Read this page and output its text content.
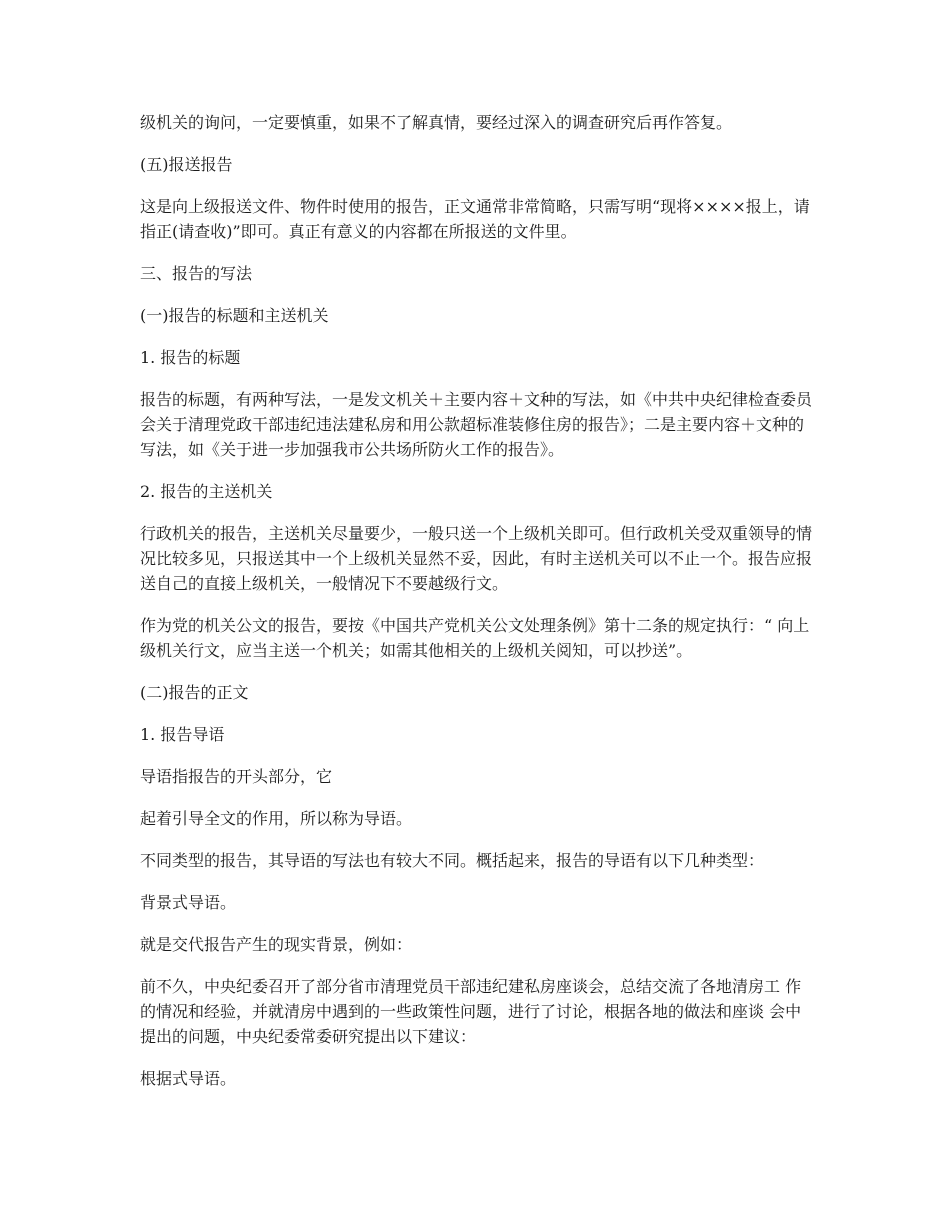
级机关的询问，一定要慎重，如果不了解真情，要经过深入的调查研究后再作答复。

(五)报送报告

这是向上级报送文件、物件时使用的报告，正文通常非常简略，只需写明“现将××××报上，请指正(请查收)”即可。真正有意义的内容都在所报送的文件里。

三、报告的写法

(一)报告的标题和主送机关

1. 报告的标题

报告的标题，有两种写法，一是发文机关＋主要内容＋文种的写法，如《中共中央纪律检查委员会关于清理党政干部违纪违法建私房和用公款超标准装修住房的报告》；二是主要内容＋文种的写法，如《关于进一步加强我市公共场所防火工作的报告》。

2. 报告的主送机关

行政机关的报告，主送机关尽量要少，一般只送一个上级机关即可。但行政机关受双重领导的情况比较多见，只报送其中一个上级机关显然不妥，因此，有时主送机关可以不止一个。报告应报送自己的直接上级机关，一般情况下不要越级行文。

作为党的机关公文的报告，要按《中国共产党机关公文处理条例》第十二条的规定执行：“ 向上级机关行文，应当主送一个机关；如需其他相关的上级机关阅知，可以抄送”。

(二)报告的正文

1. 报告导语

导语指报告的开头部分，它

起着引导全文的作用，所以称为导语。

不同类型的报告，其导语的写法也有较大不同。概括起来，报告的导语有以下几种类型：

背景式导语。

就是交代报告产生的现实背景，例如：

前不久，中央纪委召开了部分省市清理党员干部违纪建私房座谈会，总结交流了各地清房工 作的情况和经验，并就清房中遇到的一些政策性问题，进行了讨论，根据各地的做法和座谈 会中提出的问题，中央纪委常委研究提出以下建议：

根据式导语。
